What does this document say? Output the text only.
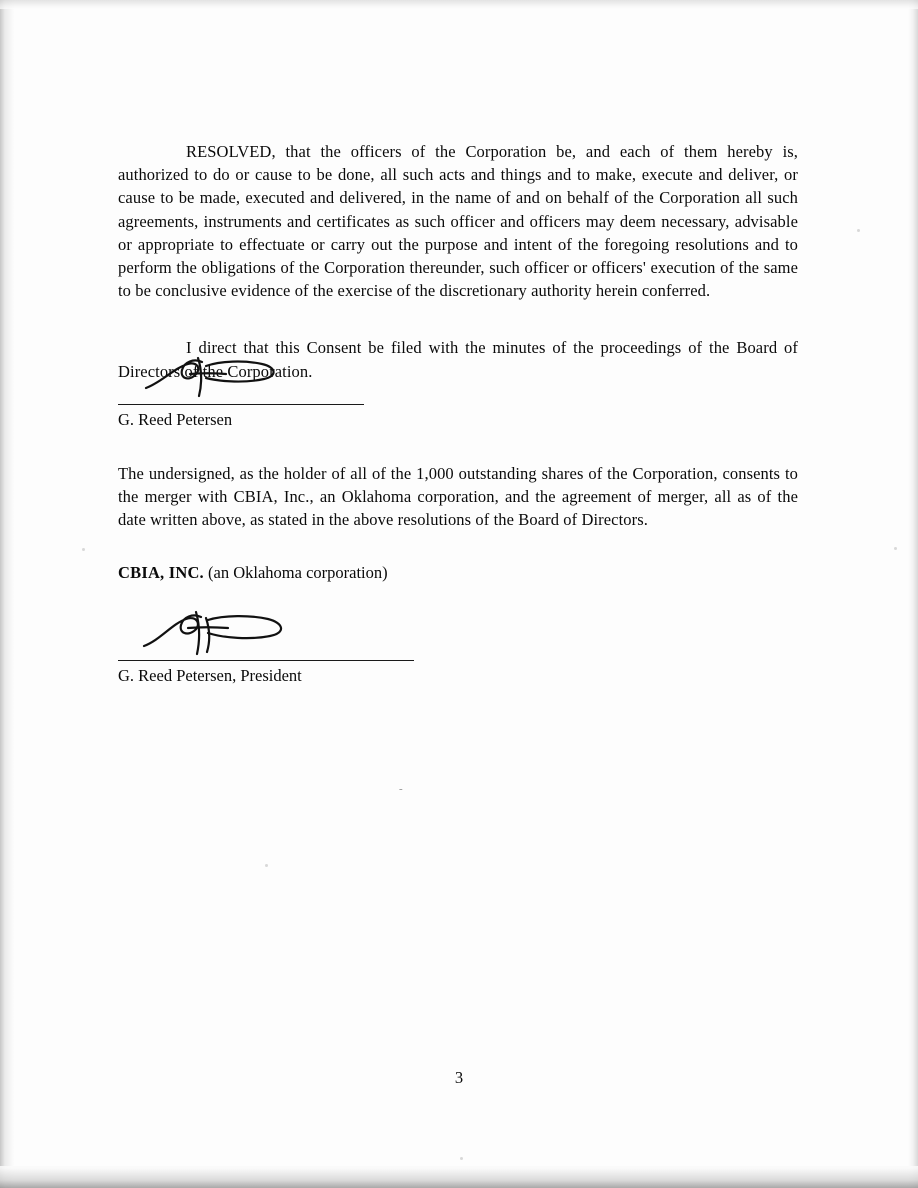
‐

RESOLVED, that the officers of the Corporation be, and each of them hereby is, authorized to do or cause to be done, all such acts and things and to make, execute and deliver, or cause to be made, executed and delivered, in the name of and on behalf of the Corporation all such agreements, instruments and certificates as such officer and officers may deem necessary, advisable or appropriate to effectuate or carry out the purpose and intent of the foregoing resolutions and to perform the obligations of the Corporation thereunder, such officer or officers' execution of the same to be conclusive evidence of the exercise of the discretionary authority herein conferred.

I direct that this Consent be filed with the minutes of the proceedings of the Board of Directors of the Corporation.

G. Reed Petersen

The undersigned, as the holder of all of the 1,000 outstanding shares of the Corporation, consents to the merger with CBIA, Inc., an Oklahoma corporation, and the agreement of merger, all as of the date written above, as stated in the above resolutions of the Board of Directors.

CBIA, INC. (an Oklahoma corporation)
G. Reed Petersen, President
3
